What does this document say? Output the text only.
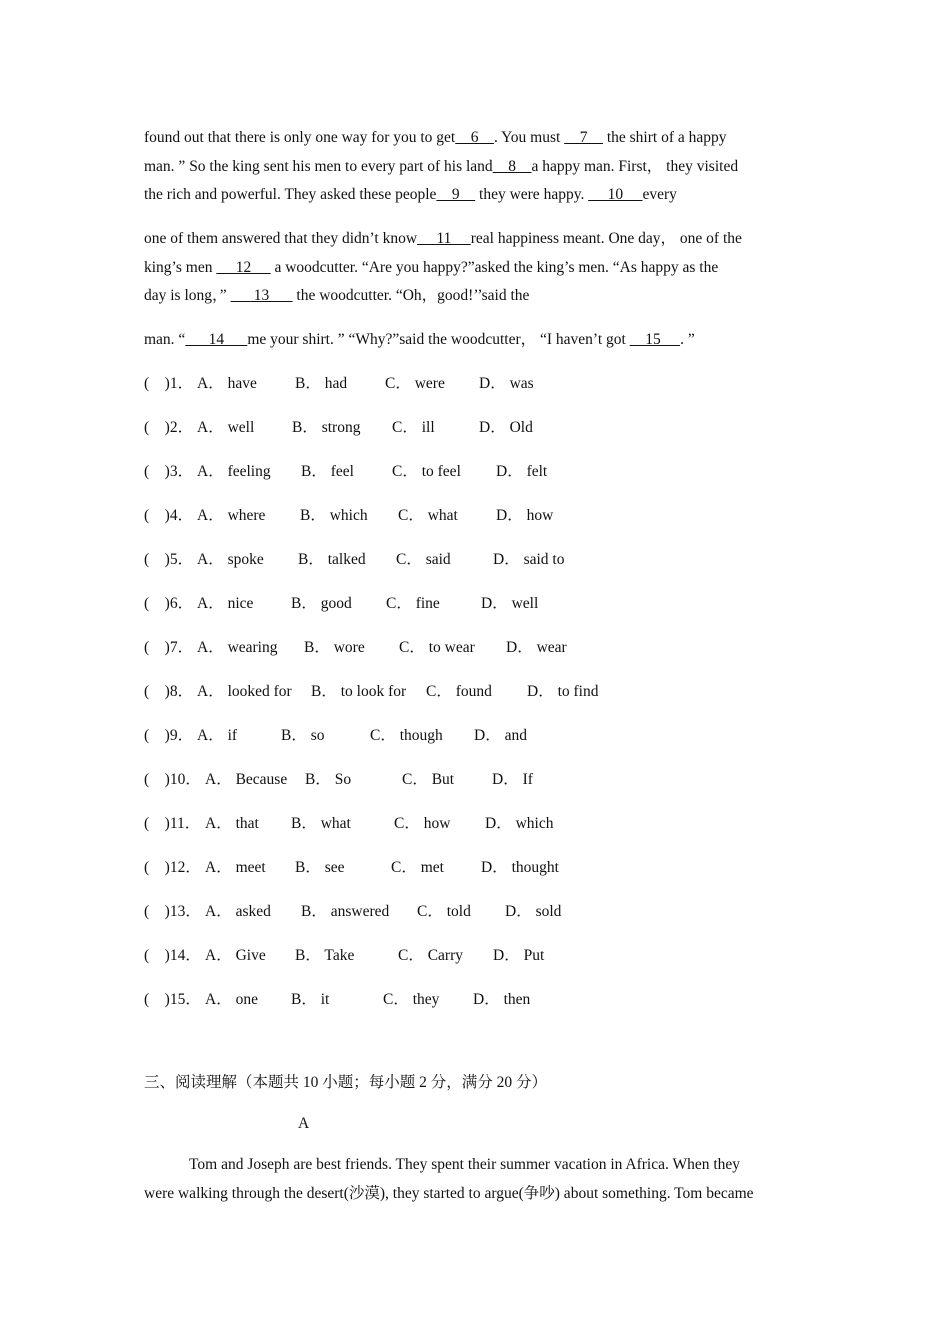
found out that there is only one way for you to get    6    . You must     7     the shirt of a happy
man. ” So the king sent his men to every part of his land    8    a happy man. First， they visited
the rich and powerful. They asked these people    9     they were happy.      10     every
one of them answered that they didn’t know     11     real happiness meant. One day， one of the
king’s men      12      a woodcutter. “Are you happy?”asked the king’s men. “As happy as the
day is long，”       13       the woodcutter. “Oh，good!’’said the
man. “      14      me your shirt. ” “Why?”said the woodcutter， “I haven’t got     15     . ”
(    )1． A． have B． had C． were D． was
(    )2． A． well B． strong C． ill	D． Old
(    )3． A． feeling B． feel C． to feel D． felt
(    )4． A． where B． which C． what D． how
(    )5． A． spoke B． talked C． said	D． said to
(    )6． A． nice B． good C． fine	D． well
(    )7． A． wearing B． wore C． to wear D． wear
(    )8． A． looked for B． to look for C． found D． to find
(    )9． A． if	B． so	C． though D． and
(    )10． A． Because B． So	C． But D． If
(    )11． A． that B． what	C． how D． which
(    )12． A． meet B． see	C． met D． thought
(    )13． A． asked B． answered C． told D． sold
(    )14． A． Give B． Take	C． Carry D． Put
(    )15． A． one B． it	C． they D． then
三、阅读理解（本题共 10 小题；每小题 2 分，满分 20 分）
A
Tom and Joseph are best friends. They spent their summer vacation in Africa. When they
were walking through the desert(沙漠), they started to argue(争吵) about something. Tom became
